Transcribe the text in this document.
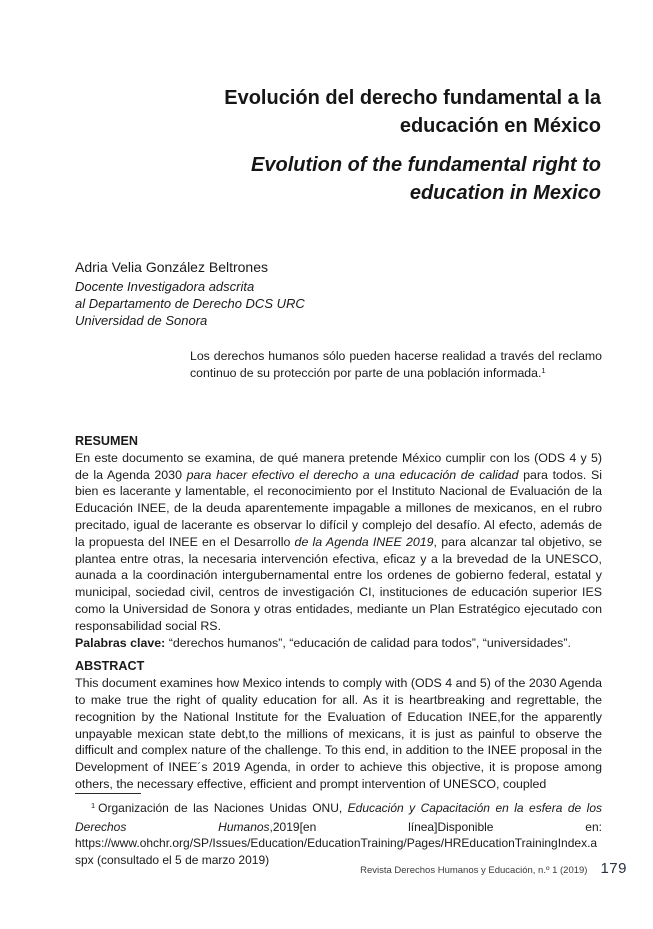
Evolución del derecho fundamental a la educación en México
Evolution of the fundamental right to education in Mexico
Adria Velia González Beltrones
Docente Investigadora adscrita
al Departamento de Derecho DCS URC
Universidad de Sonora
Los derechos humanos sólo pueden hacerse realidad a través del reclamo continuo de su protección por parte de una población informada.$^1$
RESUMEN

En este documento se examina, de qué manera pretende México cumplir con los (ODS 4 y 5) de la Agenda 2030 para hacer efectivo el derecho a una educación de calidad para todos. Si bien es lacerante y lamentable, el reconocimiento por el Instituto Nacional de Evaluación de la Educación INEE, de la deuda aparentemente impagable a millones de mexicanos, en el rubro precitado, igual de lacerante es observar lo difícil y complejo del desafío. Al efecto, además de la propuesta del INEE en el Desarrollo de la Agenda INEE 2019, para alcanzar tal objetivo, se plantea entre otras, la necesaria intervención efectiva, eficaz y a la brevedad de la UNESCO, aunada a la coordinación intergubernamental entre los ordenes de gobierno federal, estatal y municipal, sociedad civil, centros de investigación CI, instituciones de educación superior IES como la Universidad de Sonora y otras entidades, mediante un Plan Estratégico ejecutado con responsabilidad social RS.

Palabras clave: “derechos humanos”, “educación de calidad para todos”, “universidades”.

ABSTRACT

This document examines how Mexico intends to comply with (ODS 4 and 5) of the 2030 Agenda to make true the right of quality education for all. As it is heartbreaking and regrettable, the recognition by the National Institute for the Evaluation of Education INEE,for the apparently unpayable mexican state debt,to the millions of mexicans, it is just as painful to observe the difficult and complex nature of the challenge. To this end, in addition to the INEE proposal in the Development of INEE´s 2019 Agenda, in order to achieve this objective, it is propose among others, the necessary effective, efficient and prompt intervention of UNESCO, coupled

$^1$ Organización de las Naciones Unidas ONU, Educación y Capacitación en la esfera de los Derechos Humanos,2019[en línea]Disponible en: https://www.ohchr.org/SP/Issues/Education/EducationTraining/Pages/HREducationTrainingIndex.aspx (consultado el 5 de marzo 2019)

Revista Derechos Humanos y Educación, n.º 1 (2019) 179
